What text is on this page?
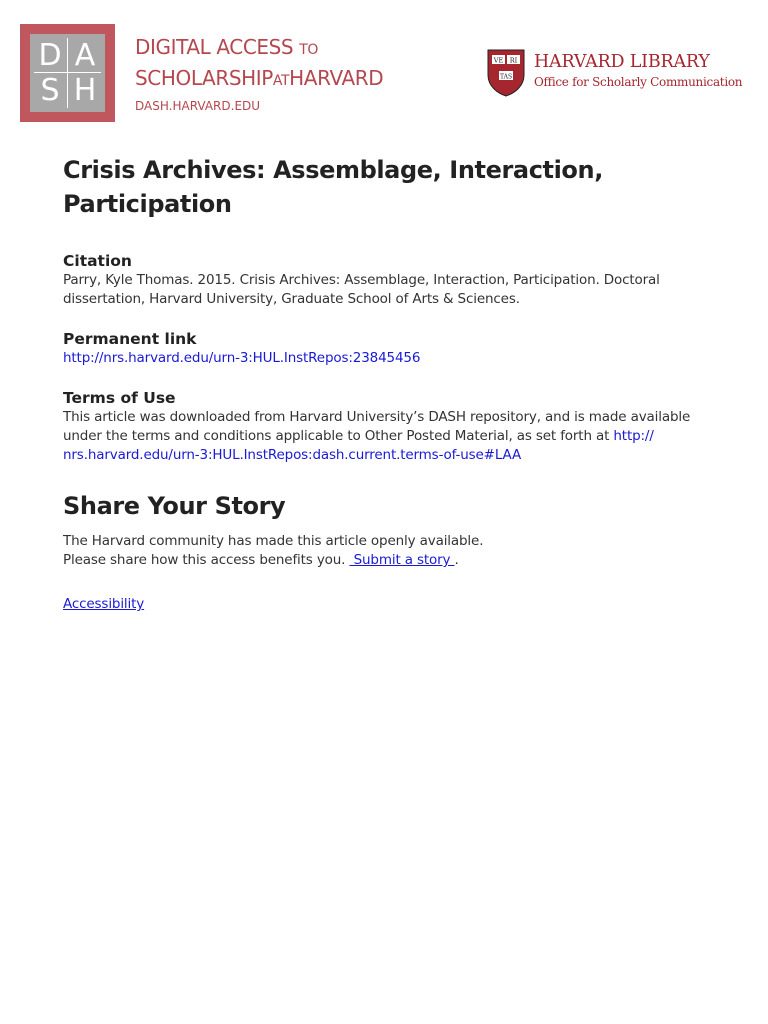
D A
S H
DIGITAL ACCESS TO
SCHOLARSHIPATHARVARD
DASH.HARVARD.EDU
VE RI
TAS
HARVARD LIBRARY
Office for Scholarly Communication
Crisis Archives: Assemblage, Interaction,
Participation
Citation

Parry, Kyle Thomas. 2015. Crisis Archives: Assemblage, Interaction, Participation. Doctoral
dissertation, Harvard University, Graduate School of Arts & Sciences.

Permanent link

http://nrs.harvard.edu/urn-3:HUL.InstRepos:23845456

Terms of Use

This article was downloaded from Harvard University’s DASH repository, and is made available
under the terms and conditions applicable to Other Posted Material, as set forth at http://
nrs.harvard.edu/urn-3:HUL.InstRepos:dash.current.terms-of-use#LAA

Share Your Story

The Harvard community has made this article openly available.
Please share how this access benefits you.  Submit a story .

Accessibility
